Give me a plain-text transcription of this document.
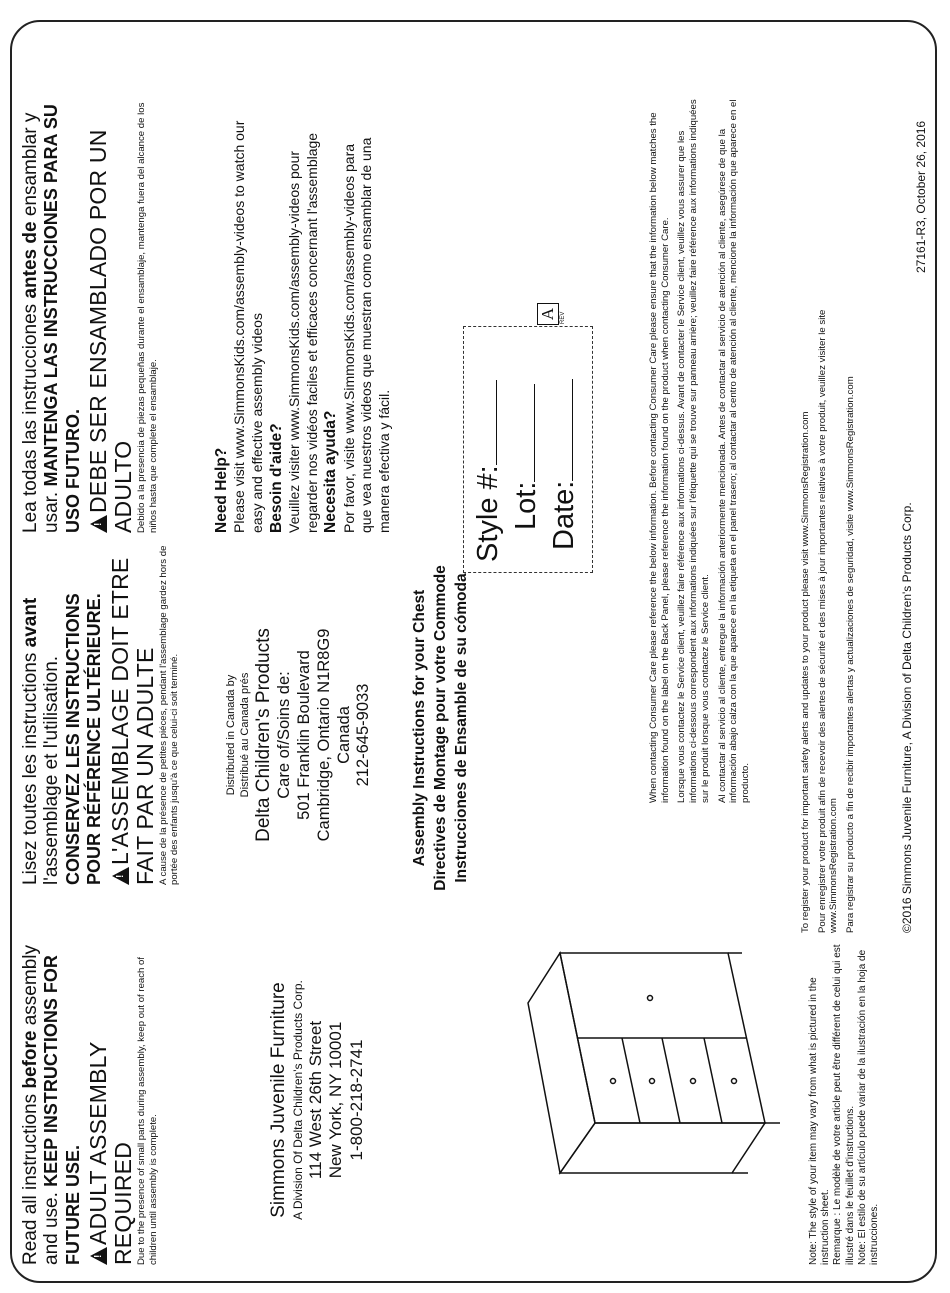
Read all instructions before assembly and use. KEEP INSTRUCTIONS FOR FUTURE USE.
! ADULT ASSEMBLY REQUIRED Due to the presence of small parts during assembly, keep out of reach of children until assembly is complete.	Simmons Juvenile Furniture A Division Of Delta Children's Products Corp. 114 West 26th Street New York, NY 10001 1-800-218-2741	Note: The style of your item may vary from what is pictured in the instruction sheet. Remarque : Le modèle de votre article peut être différent de celui qui est illustré dans le feuillet d'instructions. Note: El estilo de su artículo puede variar de la ilustración en la hoja de instrucciones.
Lisez toutes les instructions avant l'assemblage et l'utilisation. CONSERVEZ LES INSTRUCTIONS POUR RÉFÉRENCE ULTÉRIEURE.
! L'ASSEMBLAGE DOIT ETRE FAIT PAR UN ADULTE A cause de la présence de petites piéces, pendant l'assemblage gardez hors de portée des enfants jusqu'à ce que celui-ci soit terminé.	Distributed in Canada by Distribué au Canada prés Delta Children's Products Care of/Soins de: 501 Franklin Boulevard Cambridge, Ontario N1R8G9 Canada 212-645-9033 Assembly Instructions for your Chest Directives de Montage pour votre Commode Instrucciones de Ensamble de su cómoda
Style #: Lot: Date:
A REV
Lea todas las instrucciones antes de ensamblar y usar. MANTENGA LAS INSTRUCCIONES PARA SU USO FUTURO.
! DEBE SER ENSAMBLADO POR UN ADULTO Debido a la presencia de piezas pequeñas durante el ensamblaje, mantenga fuera del alcance de los niños hasta que complete el ensamblaje.	Need Help? Please visit www.SimmonsKids.com/assembly-videos to watch our easy and effective assembly videos Besoin d'aide? Veuillez visiter www.SimmonsKids.com/assembly-videos pour regarder nos vidéos faciles et efficaces concernant l'assemblage Necesita ayuda? Por favor, visite www.SimmonsKids.com/assembly-videos para que vea nuestros videos que muestran como ensamblar de una manera efectiva y fácil.	When contacting Consumer Care please reference the below information. Before contacting Consumer Care please ensure that the information below matches the information found on the label on the Back Panel, please reference the information found on the product when contacting Consumer Care. Lorsque vous contactez le Service client, veuillez faire référence aux informations ci-dessus. Avant de contacter le Service client, veuillez vous assurer que les informations ci-dessous correspondent aux informations indiquées sur l'étiquette qui se trouve sur panneau arrière; veuillez faire référence aux informations indiquées sur le produit lorsque vous contactez le Service client. Al contactar al servicio al cliente, entregue la información anteriormente mencionada. Antes de contactar al servicio de atención al cliente, asegúrese de que la información abajo calza con la que aparece en la etiqueta en el panel trasero; al contactar al centro de atención al cliente, mencione la información que aparece en el producto.	To register your product for important safety alerts and updates to your product please visit www.SimmonsRegistration.com Pour enregistrer votre produit afin de recevoir des alertes de sécurité et des mises à jour importantes relatives à votre produit, veuillez visiter le site www.SimmonsRegistration.com Para registrar su producto a fin de recibir importantes alertas y actualizaciones de seguridad, visite www.SimmonsRegistration.com	©2016 Simmons Juvenile Furniture, A Division of Delta Children's Products Corp.
27161-R3, October 26, 2016
